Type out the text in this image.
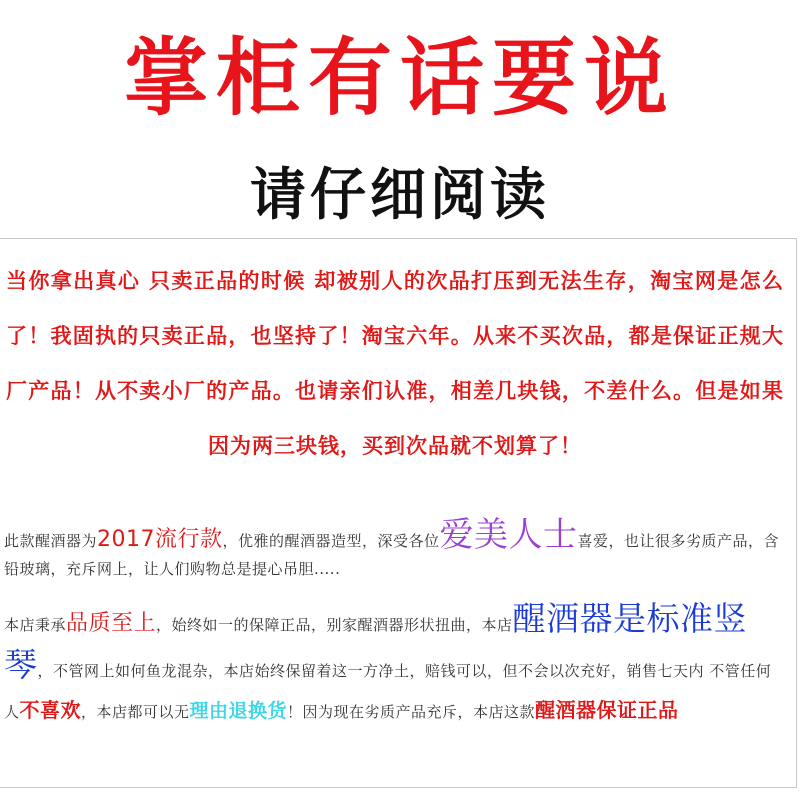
掌柜有话要说
请仔细阅读
当你拿出真心 只卖正品的时候 却被别人的次品打压到无法生存，淘宝网是怎么了！我固执的只卖正品，也坚持了！淘宝六年。从来不买次品，都是保证正规大厂产品！从不卖小厂的产品。也请亲们认准，相差几块钱，不差什么。但是如果因为两三块钱，买到次品就不划算了！
此款醒酒器为2017流行款，优雅的醒酒器造型，深受各位爱美人士喜爱，也让很多劣质产品，含铅玻璃，充斥网上，让人们购物总是提心吊胆.....
本店秉承品质至上，始终如一的保障正品，别家醒酒器形状扭曲，本店醒酒器是标准竖琴，不管网上如何鱼龙混杂，本店始终保留着这一方净土，赔钱可以，但不会以次充好，销售七天内 不管任何人不喜欢，本店都可以无理由退换货！因为现在劣质产品充斥，本店这款醒酒器保证正品
